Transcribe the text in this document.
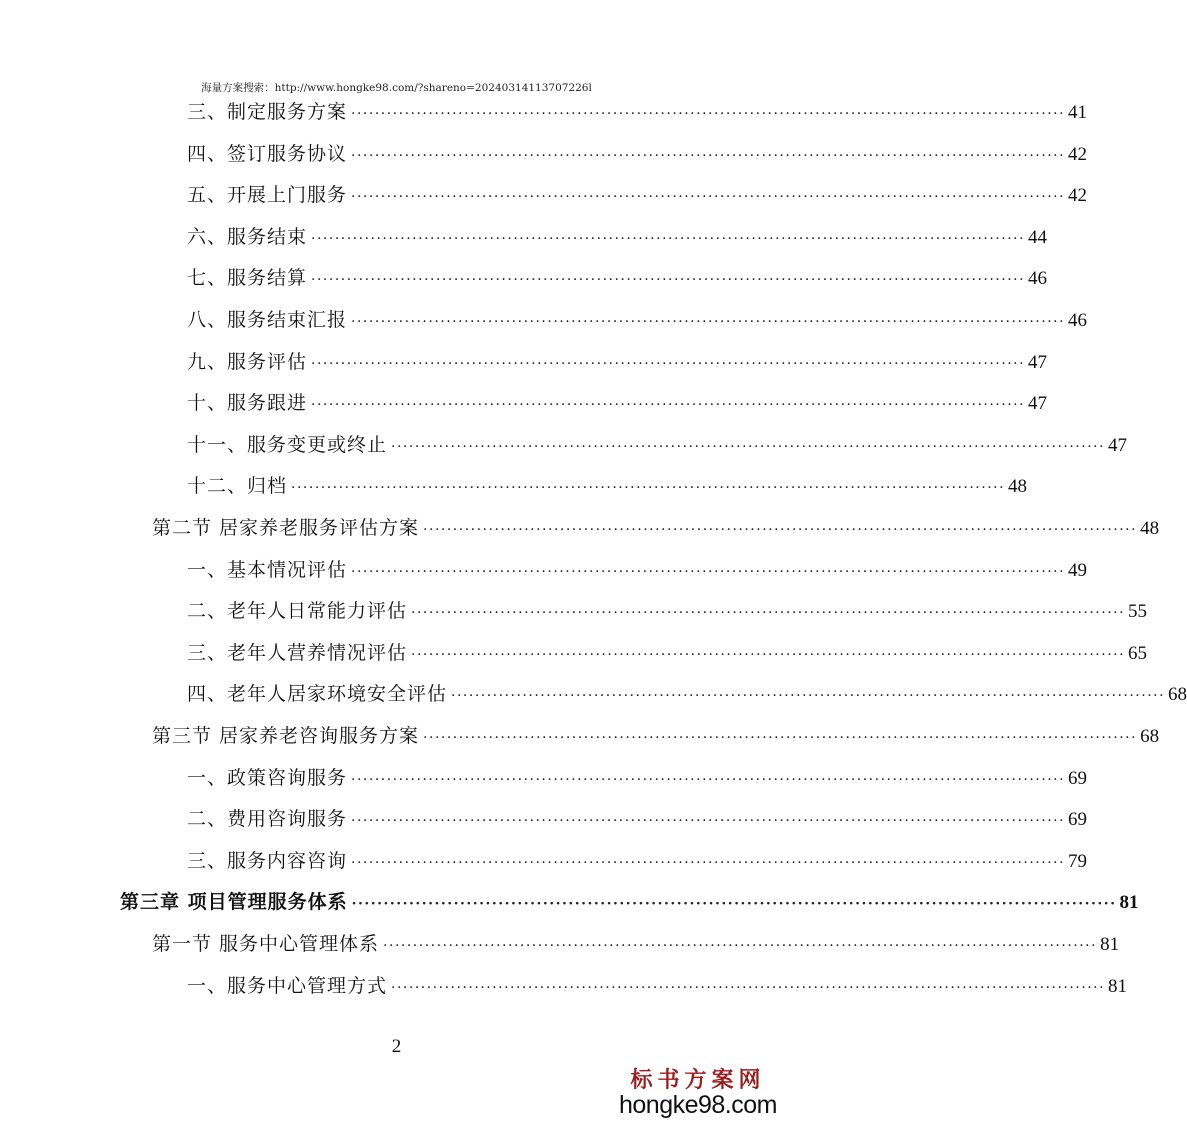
海量方案搜索：http://www.hongke98.com/?shareno=20240314113707226l
三、制定服务方案 ························································································································ 41
四、签订服务协议 ························································································································ 42
五、开展上门服务 ························································································································ 42
六、服务结束 ························································································································ 44
七、服务结算 ························································································································ 46
八、服务结束汇报 ························································································································ 46
九、服务评估 ························································································································ 47
十、服务跟进 ························································································································ 47
十一、服务变更或终止 ························································································································ 47
十二、归档 ························································································································ 48
第二节 居家养老服务评估方案 ························································································································ 48
一、基本情况评估 ························································································································ 49
二、老年人日常能力评估 ························································································································ 55
三、老年人营养情况评估 ························································································································ 65
四、老年人居家环境安全评估 ························································································································ 68
第三节 居家养老咨询服务方案 ························································································································ 68
一、政策咨询服务 ························································································································ 69
二、费用咨询服务 ························································································································ 69
三、服务内容咨询 ························································································································ 79
第三章 项目管理服务体系 ························································································································ 81
第一节 服务中心管理体系 ························································································································ 81
一、服务中心管理方式 ························································································································ 81
2
标书方案网
hongke98.com
